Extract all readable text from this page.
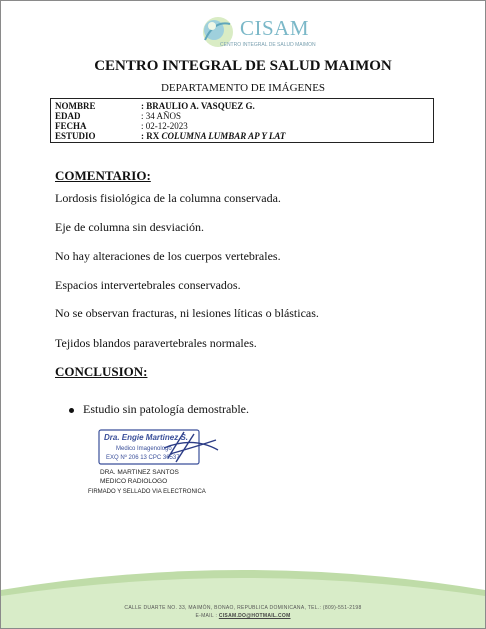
CISAM
CENTRO INTEGRAL DE SALUD MAIMON
CENTRO INTEGRAL DE SALUD MAIMON
DEPARTAMENTO DE IMÁGENES
NOMBRE	: BRAULIO A. VASQUEZ G.
EDAD	: 34 AÑOS
FECHA	: 02-12-2023
ESTUDIO	: RX COLUMNA LUMBAR AP Y LAT
COMENTARIO:
Lordosis fisiológica de la columna conservada.
Eje de columna sin desviación.
No hay alteraciones de los cuerpos vertebrales.
Espacios intervertebrales conservados.
No se observan fracturas, ni lesiones líticas o blásticas.
Tejidos blandos paravertebrales normales.
CONCLUSION:
Estudio sin patología demostrable.
Dra. Engie Martinez S.
Medico Imagenologo
EXQ Nº 206 13 CPC 36537
DRA. MARTINEZ SANTOS
MEDICO RADIOLOGO
FIRMADO Y SELLADO VIA ELECTRONICA
CALLE DUARTE NO. 33, MAIMÓN, BONAO, REPUBLICA DOMINICANA, TEL.: (809)-551-2198
E-MAIL : CISAM.DO@HOTMAIL.COM
